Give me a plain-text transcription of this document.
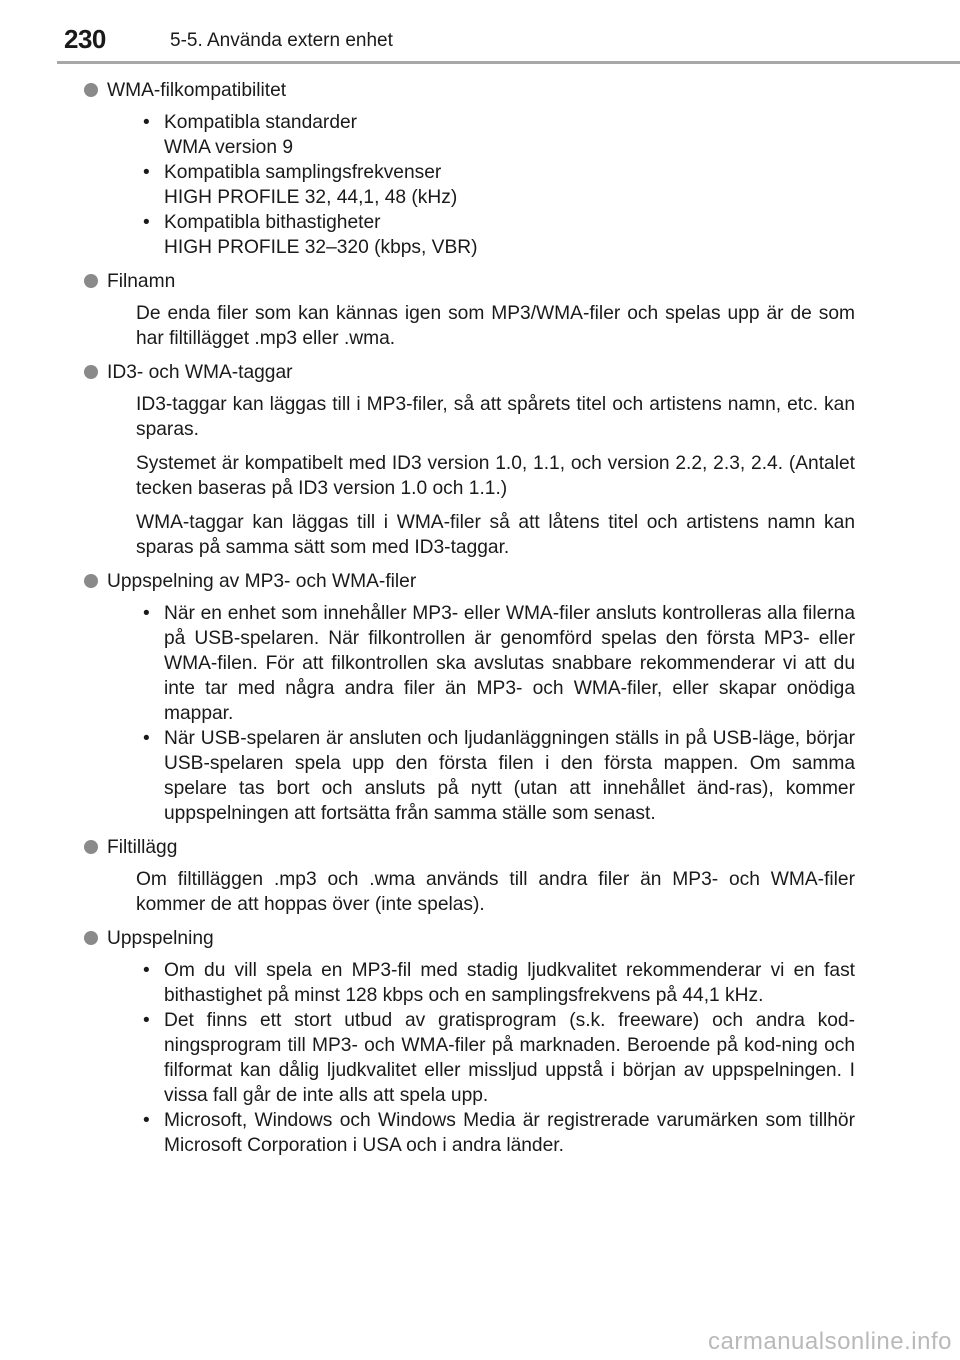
230	5-5. Använda extern enhet
WMA-filkompatibilitet
• Kompatibla standarder

WMA version 9

• Kompatibla samplingsfrekvenser

HIGH PROFILE 32, 44,1, 48 (kHz)

• Kompatibla bithastigheter

HIGH PROFILE 32–320 (kbps, VBR)

Filnamn

De enda filer som kan kännas igen som MP3/WMA-filer och spelas upp är de som har filtillägget .mp3 eller .wma.

ID3- och WMA-taggar

ID3-taggar kan läggas till i MP3-filer, så att spårets titel och artistens namn, etc. kan sparas.

Systemet är kompatibelt med ID3 version 1.0, 1.1, och version 2.2, 2.3, 2.4. (Antalet tecken baseras på ID3 version 1.0 och 1.1.)

WMA-taggar kan läggas till i WMA-filer så att låtens titel och artistens namn kan sparas på samma sätt som med ID3-taggar.

Uppspelning av MP3- och WMA-filer
• När en enhet som innehåller MP3- eller WMA-filer ansluts kontrolleras alla filerna på USB-spelaren. När filkontrollen är genomförd spelas den första MP3- eller WMA-filen. För att filkontrollen ska avslutas snabbare rekommenderar vi att du inte tar med några andra filer än MP3- och WMA-filer, eller skapar onödiga mappar.

• När USB-spelaren är ansluten och ljudanläggningen ställs in på USB-läge, börjar USB-spelaren spela upp den första filen i den första mappen. Om samma spelare tas bort och ansluts på nytt (utan att innehållet änd-ras), kommer uppspelningen att fortsätta från samma ställe som senast.

Filtillägg

Om filtilläggen .mp3 och .wma används till andra filer än MP3- och WMA-filer kommer de att hoppas över (inte spelas).

Uppspelning
• Om du vill spela en MP3-fil med stadig ljudkvalitet rekommenderar vi en fast bithastighet på minst 128 kbps och en samplingsfrekvens på 44,1 kHz.

• Det finns ett stort utbud av gratisprogram (s.k. freeware) och andra kod-ningsprogram till MP3- och WMA-filer på marknaden. Beroende på kod-ning och filformat kan dålig ljudkvalitet eller missljud uppstå i början av uppspelningen. I vissa fall går de inte alls att spela upp.

• Microsoft, Windows och Windows Media är registrerade varumärken som tillhör Microsoft Corporation i USA och i andra länder.

carmanualsonline.info
